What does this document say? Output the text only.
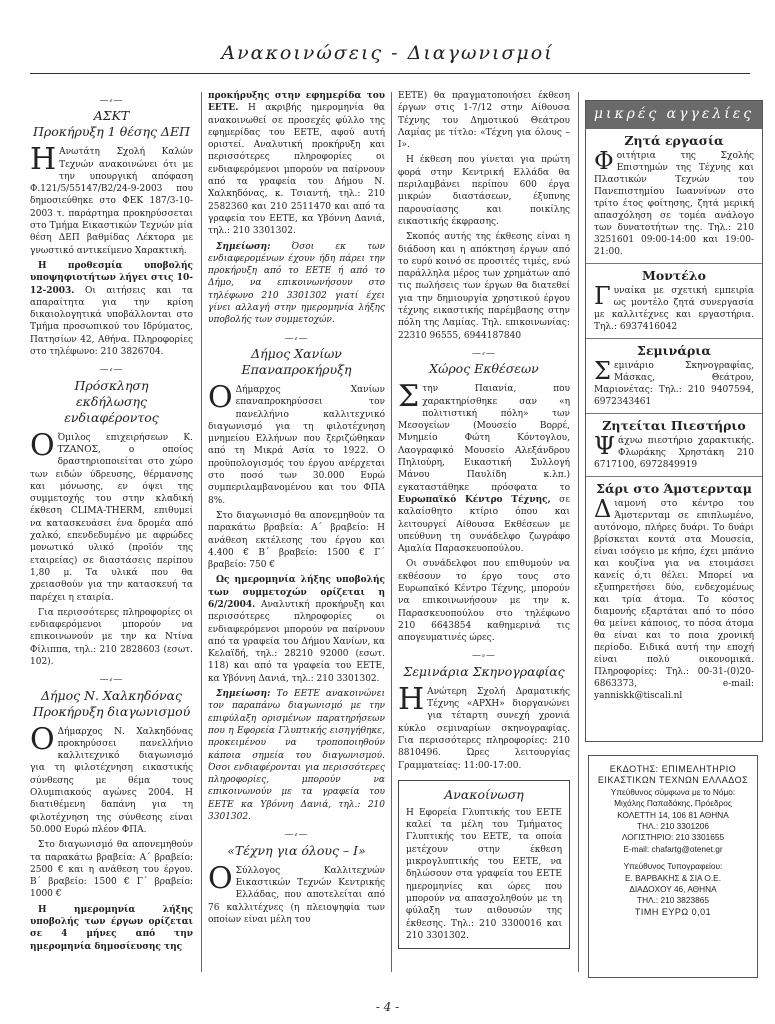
Ανακοινώσεις - Διαγωνισμοί
—⸗—
ΑΣΚΤ
Προκήρυξη 1 θέσης ΔΕΠ

Η Ανωτάτη Σχολή Καλών Τεχνών ανακοινώνει ότι με την υπουργική απόφαση Φ.121/5/55147/Β2/24-9-2003 που δημοσιεύθηκε στο ΦΕΚ 187/3-10-2003 τ. παράρτημα προκηρύσσεται στο Τμήμα Εικαστικών Τεχνών μία θέση ΔΕΠ βαθμίδας Λέκτορα με γνωστικό αντικείμενο Χαρακτική.

Η προθεσμία υποβολής υποψηφιοτήτων λήγει στις 10-12-2003. Οι αιτήσεις και τα απαραίτητα για την κρίση δικαιολογητικά υποβάλλονται στο Τμήμα προσωπικού του Ιδρύματος, Πατησίων 42, Αθήνα. Πληροφορίες στο τηλέφωνο: 210 3826704.

—⸗—
Πρόσκληση
εκδήλωσης ενδιαφέροντος

Ο Όμιλος επιχειρήσεων Κ. ΤΖΑΝΟΣ, ο οποίος δραστηριοποιείται στο χώρο των ειδών ύδρευσης, θέρμανσης και μόνωσης, εν όψει της συμμετοχής του στην κλαδική έκθεση CLIMA-THERM, επιθυμεί να κατασκευάσει ένα δρομέα από χαλκό, επενδεδυμένο με αφρώδες μονωτικό υλικό (προϊόν της εταιρείας) σε διαστάσεις περίπου 1,80 μ. Τα υλικά που θα χρειασθούν για την κατασκευή τα παρέχει η εταιρία.

Για περισσότερες πληροφορίες οι ενδιαφερόμενοι μπορούν να επικοινωνούν με την κα Ντίνα Φίλιππα, τηλ.: 210 2828603 (εσωτ. 102).

—⸗—
Δήμος Ν. Χαλκηδόνας
Προκήρυξη διαγωνισμού

Ο Δήμαρχος Ν. Χαλκηδόνας προκηρύσσει πανελλήνιο καλλιτεχνικό διαγωνισμό για τη φιλοτέχνηση εικαστικής σύνθεσης με θέμα τους Ολυμπιακούς αγώνες 2004. Η διατιθέμενη δαπάνη για τη φιλοτέχνηση της σύνθεσης είναι 50.000 Ευρώ πλέον ΦΠΑ.

Στο διαγωνισμό θα απονεμηθούν τα παρακάτω βραβεία: Α΄ βραβείο: 2500 € και η ανάθεση του έργου. Β΄ βραβείο: 1500 € Γ΄ βραβείο: 1000 €

Η ημερομηνία λήξης υποβολής των έργων ορίζεται σε 4 μήνες από την ημερομηνία δημοσίευσης της

προκήρυξης στην εφημερίδα του ΕΕΤΕ. Η ακριβής ημερομηνία θα ανακοινωθεί σε προσεχές φύλλο της εφημερίδας του ΕΕΤΕ, αφού αυτή οριστεί. Αναλυτική προκήρυξη και περισσότερες πληροφορίες οι ενδιαφερόμενοι μπορούν να παίρνουν από τα γραφεία του Δήμου Ν. Χαλκηδόνας, κ. Τσιαντή, τηλ.: 210 2582360 και 210 2511470 και από τα γραφεία του ΕΕΤΕ, κα Υβόννη Δανιά, τηλ.: 210 3301302.

Σημείωση: Όσοι εκ των ενδιαφερομένων έχουν ήδη πάρει την προκήρυξη από το ΕΕΤΕ ή από το Δήμο, να επικοινωνήσουν στο τηλέφωνο 210 3301302 γιατί έχει γίνει αλλαγή στην ημερομηνία λήξης υποβολής των συμμετοχών.

—⸗—
Δήμος Χανίων
Επαναπροκήρυξη

Ο Δήμαρχος Χανίων επαναπροκηρύσσει τον πανελλήνιο καλλιτεχνικό διαγωνισμό για τη φιλοτέχνηση μνημείου Ελλήνων που ξεριζώθηκαν από τη Μικρά Ασία το 1922. Ο προϋπολογισμός του έργου ανέρχεται στο ποσό των 30.000 Ευρώ συμπεριλαμβανομένου και του ΦΠΑ 8%.

Στο διαγωνισμό θα απονεμηθούν τα παρακάτω βραβεία: Α΄ βραβείο: Η ανάθεση εκτέλεσης του έργου και 4.400 € Β΄ βραβείο: 1500 € Γ΄ βραβείο: 750 €

Ως ημερομηνία λήξης υποβολής των συμμετοχών ορίζεται η 6/2/2004. Αναλυτική προκήρυξη και περισσότερες πληροφορίες οι ενδιαφερόμενοι μπορούν να παίρνουν από τα γραφεία του Δήμου Χανίων, κα Κελαϊδή, τηλ.: 28210 92000 (εσωτ. 118) και από τα γραφεία του ΕΕΤΕ, κα Υβόννη Δανιά, τηλ.: 210 3301302.

Σημείωση: Το ΕΕΤΕ ανακοινώνει τον παραπάνω διαγωνισμό με την επιφύλαξη ορισμένων παρατηρήσεων που η Εφορεία Γλυπτικής εισηγήθηκε, προκειμένου να τροποποιηθούν κάποια σημεία του διαγωνισμού. Όσοι ενδιαφέρονται για περισσότερες πληροφορίες, μπορούν να επικοινωνούν με τα γραφεία του ΕΕΤΕ κα Υβόννη Δανιά, τηλ.: 210 3301302.

—⸗—
«Τέχνη για όλους – Ι»

Ο Σύλλογος Καλλιτεχνών Εικαστικών Τεχνών Κεντρικής Ελλάδας, που αποτελείται από 76 καλλιτέχνες (η πλειοψηφία των οποίων είναι μέλη του

ΕΕΤΕ) θα πραγματοποιήσει έκθεση έργων στις 1-7/12 στην Αίθουσα Τέχνης του Δημοτικού Θεάτρου Λαμίας με τίτλο: «Τέχνη για όλους – Ι».

Η έκθεση που γίνεται για πρώτη φορά στην Κεντρική Ελλάδα θα περιλαμβάνει περίπου 600 έργα μικρών διαστάσεων, έξυπνης παρουσίασης και ποικίλης εικαστικής έκφρασης.

Σκοπός αυτής της έκθεσης είναι η διάδοση και η απόκτηση έργων από το ευρύ κοινό σε προσιτές τιμές, ενώ παράλληλα μέρος των χρημάτων από τις πωλήσεις των έργων θα διατεθεί για την δημιουργία χρηστικού έργου τέχνης εικαστικής παρέμβασης στην πόλη της Λαμίας. Τηλ. επικοινωνίας: 22310 96555, 6944187840

—⸗—
Χώρος Εκθέσεων

Στην Παιανία, που χαρακτηρίσθηκε σαν «η πολιτιστική πόλη» των Μεσογείων (Μουσείο Βορρέ, Μνημείο Φώτη Κόντογλου, Λαογραφικό Μουσείο Αλεξάνδρου Πηλιούρη, Εικαστική Συλλογή Μάνου Παυλίδη κ.λπ.) εγκαταστάθηκε πρόσφατα το Ευρωπαϊκό Κέντρο Τέχνης, σε καλαίσθητο κτίριο όπου και λειτουργεί Αίθουσα Εκθέσεων με υπεύθυνη τη συνάδελφο ζωγράφο Αμαλία Παρασκευοπούλου.

Οι συνάδελφοι που επιθυμούν να εκθέσουν το έργο τους στο Ευρωπαϊκό Κέντρο Τέχνης, μπορούν να επικοινωνήσουν με την κ. Παρασκευοπούλου στο τηλέφωνο 210 6643854 καθημερινά τις απογευματινές ώρες.

—⸗—
Σεμινάρια Σκηνογραφίας

Η Ανώτερη Σχολή Δραματικής Τέχνης «ΑΡΧΗ» διοργανώνει για τέταρτη συνεχή χρονιά κύκλο σεμιναρίων σκηνογραφίας. Για περισσότερες πληροφορίες: 210 8810496. Ώρες λειτουργίας Γραμματείας: 11:00-17:00.

Ανακοίνωση

Η Εφορεία Γλυπτικής του ΕΕΤΕ καλεί τα μέλη του Τμήματος Γλυπτικής του ΕΕΤΕ, τα οποία μετέχουν στην έκθεση μικρογλυπτικής του ΕΕΤΕ, να δηλώσουν στα γραφεία του ΕΕΤΕ ημερομηνίες και ώρες που μπορούν να απασχοληθούν με τη φύλαξη των αιθουσών της έκθεσης. Τηλ.: 210 3300016 και 210 3301302.

μικρές αγγελίες
Ζητά εργασία
Φοιτήτρια της Σχολής Επιστημών της Τέχνης και Πλαστικών Τεχνών του Πανεπιστημίου Ιωαννίνων στο τρίτο έτος φοίτησης, ζητά μερική απασχόληση σε τομέα ανάλογο των δυνατοτήτων της. Τηλ.: 210 3251601 09:00-14:00 και 19:00-21:00.
Μοντέλο
Γυναίκα με σχετική εμπειρία ως μοντέλο ζητά συνεργασία με καλλιτέχνες και εργαστήρια. Τηλ.: 6937416042
Σεμινάρια
Σεμινάριο Σκηνογραφίας, Μάσκας, Θεάτρου, Μαριονέτας: Τηλ.: 210 9407594, 6972343461
Ζητείται Πιεστήριο
Ψάχνω πιεστήριο χαρακτικής. Φλωράκης Χρηστάκη 210 6717100, 6972849919
Σάρι στο Άμστερνταμ
Διαμονή στο κέντρο του Άμστερνταμ σε επιπλωμένο, αυτόνομο, πλήρες δυάρι. Το δυάρι βρίσκεται κοντά στα Μουσεία, είναι ισόγειο με κήπο, έχει μπάνιο και κουζίνα για να ετοιμάσει κανείς ό,τι θέλει. Μπορεί να εξυπηρετήσει δύο, ενδεχομένως και τρία άτομα. Το κόστος διαμονής εξαρτάται από το πόσο θα μείνει κάποιος, το πόσα άτομα θα είναι και το ποια χρονική περίοδο. Ειδικά αυτή την εποχή είναι πολύ οικονομικά. Πληροφορίες: Τηλ.: 00-31-(0)20-6863373, e-mail: yanniskk@tiscali.nl
ΕΚΔΟΤΗΣ: ΕΠΙΜΕΛΗΤΗΡΙΟ
ΕΙΚΑΣΤΙΚΩΝ ΤΕΧΝΩΝ ΕΛΛΑΔΟΣ
Υπεύθυνος σύμφωνα με το Νόμο:
Μιχάλης Παπαδάκης, Πρόεδρος
ΚΟΛΕΤΤΗ 14, 106 81 ΑΘΗΝΑ
ΤΗΛ.: 210 3301206
ΛΟΓΙΣΤΗΡΙΟ: 210 3301655
E-mail: chafartg@otenet.gr
Υπεύθυνος Τυπογραφείου:
Ε. ΒΑΡΒΑΚΗΣ & ΣΙΑ Ο.Ε.
ΔΙΑΔΟΧΟΥ 46, ΑΘΗΝΑ
ΤΗΛ.: 210 3823865
ΤΙΜΗ ΕΥΡΩ 0,01
- 4 -
